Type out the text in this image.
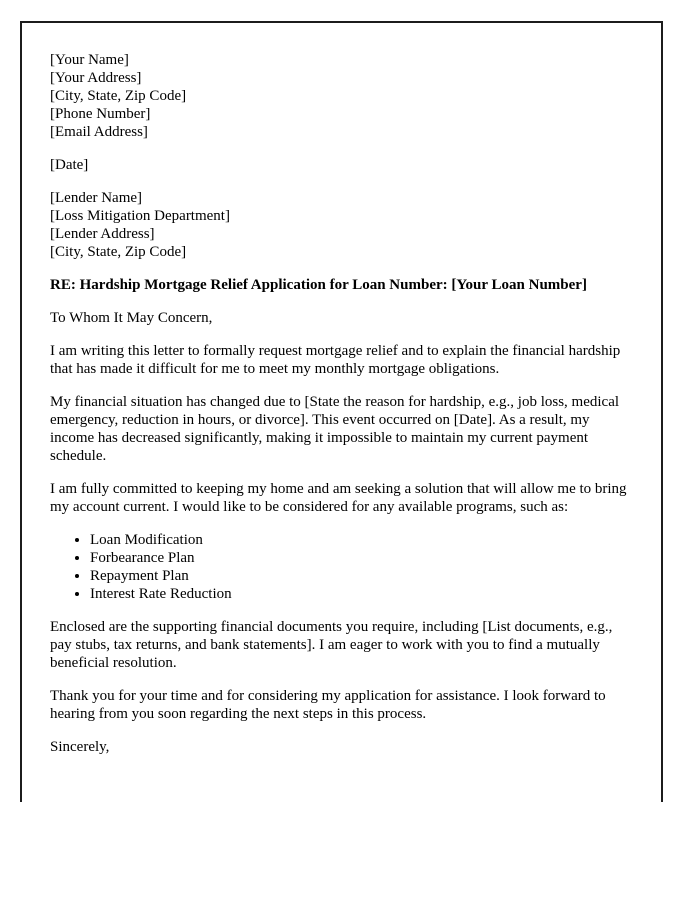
[Your Name]
[Your Address]
[City, State, Zip Code]
[Phone Number]
[Email Address]

[Date]

[Lender Name]
[Loss Mitigation Department]
[Lender Address]
[City, State, Zip Code]

RE: Hardship Mortgage Relief Application for Loan Number: [Your Loan Number]

To Whom It May Concern,

I am writing this letter to formally request mortgage relief and to explain the financial hardship that has made it difficult for me to meet my monthly mortgage obligations.

My financial situation has changed due to [State the reason for hardship, e.g., job loss, medical emergency, reduction in hours, or divorce]. This event occurred on [Date]. As a result, my income has decreased significantly, making it impossible to maintain my current payment schedule.

I am fully committed to keeping my home and am seeking a solution that will allow me to bring my account current. I would like to be considered for any available programs, such as:

• Loan Modification
• Forbearance Plan
• Repayment Plan
• Interest Rate Reduction

Enclosed are the supporting financial documents you require, including [List documents, e.g., pay stubs, tax returns, and bank statements]. I am eager to work with you to find a mutually beneficial resolution.

Thank you for your time and for considering my application for assistance. I look forward to hearing from you soon regarding the next steps in this process.

Sincerely,
